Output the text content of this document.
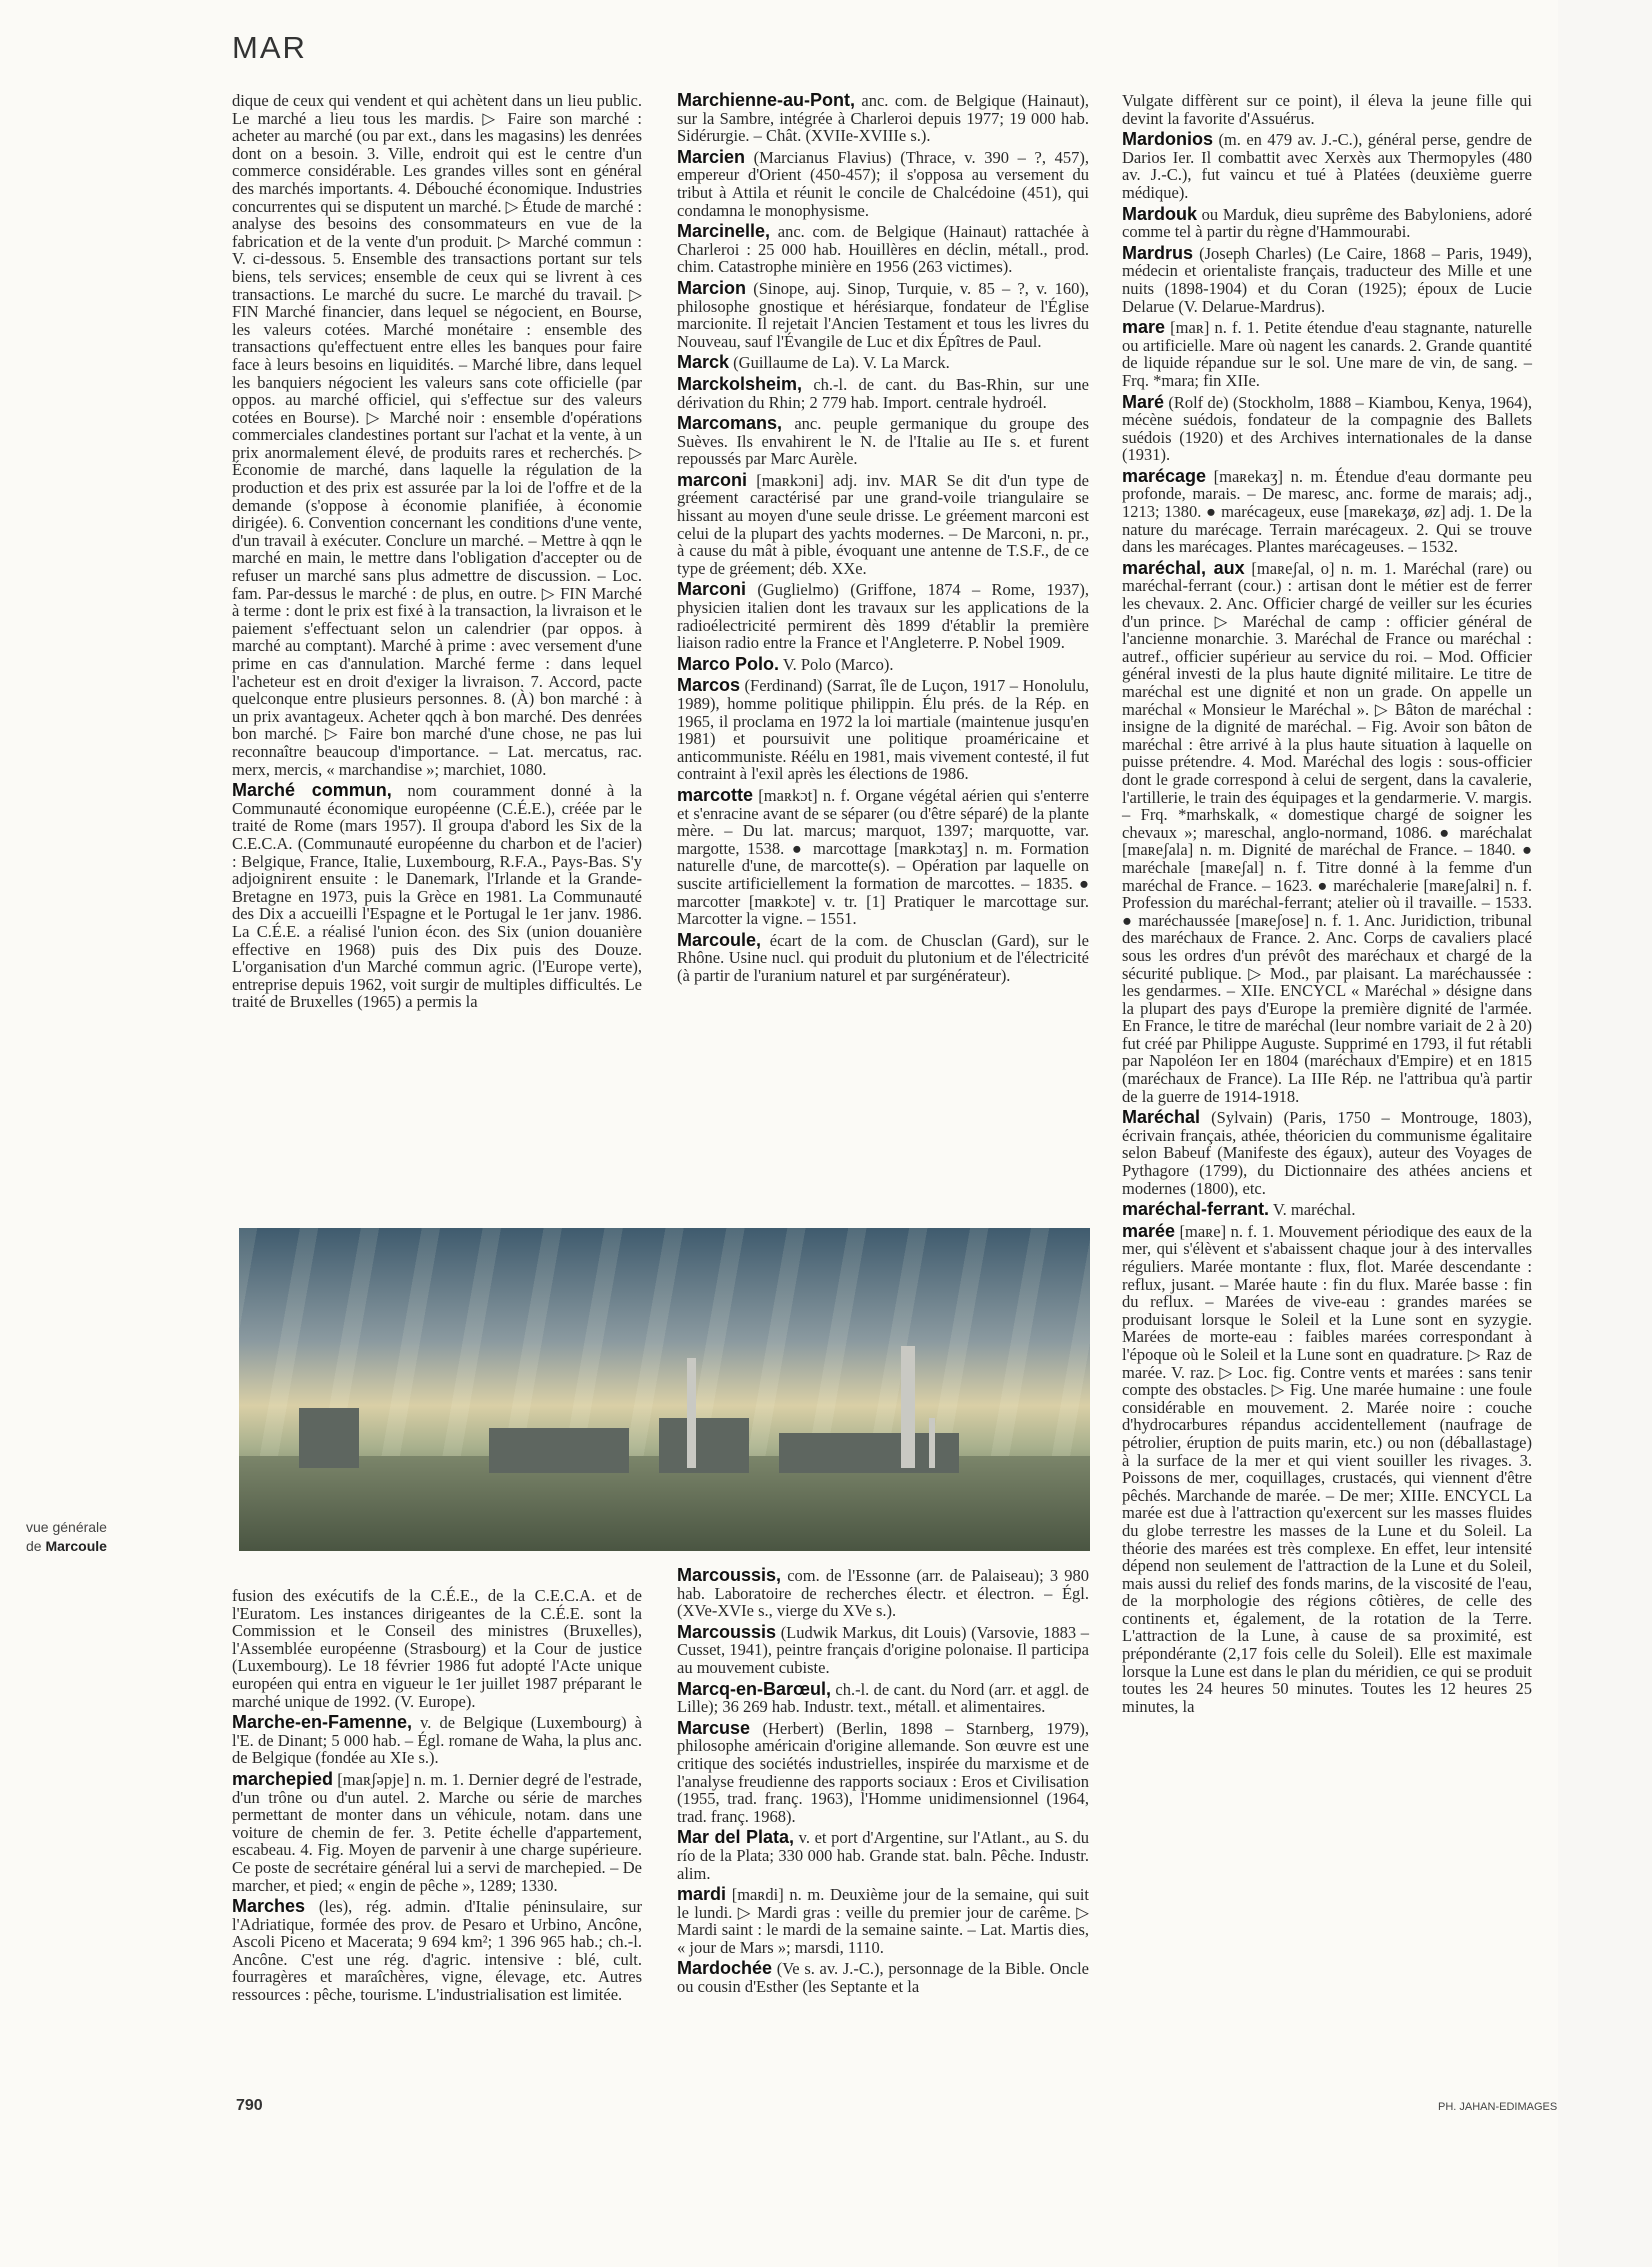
MAR

dique de ceux qui vendent et qui achètent dans un lieu public. Le marché a lieu tous les mardis. ▷ Faire son marché : acheter au marché (ou par ext., dans les magasins) les denrées dont on a besoin. 3. Ville, endroit qui est le centre d'un commerce considérable. Les grandes villes sont en général des marchés importants. 4. Débouché économique. Industries concurrentes qui se disputent un marché. ▷ Étude de marché : analyse des besoins des consommateurs en vue de la fabrication et de la vente d'un produit. ▷ Marché commun : V. ci-dessous. 5. Ensemble des transactions portant sur tels biens, tels services; ensemble de ceux qui se livrent à ces transactions. Le marché du sucre. Le marché du travail. ▷ FIN Marché financier, dans lequel se négocient, en Bourse, les valeurs cotées. Marché monétaire : ensemble des transactions qu'effectuent entre elles les banques pour faire face à leurs besoins en liquidités. – Marché libre, dans lequel les banquiers négocient les valeurs sans cote officielle (par oppos. au marché officiel, qui s'effectue sur des valeurs cotées en Bourse). ▷ Marché noir : ensemble d'opérations commerciales clandestines portant sur l'achat et la vente, à un prix anormalement élevé, de produits rares et recherchés. ▷ Économie de marché, dans laquelle la régulation de la production et des prix est assurée par la loi de l'offre et de la demande (s'oppose à économie planifiée, à économie dirigée). 6. Convention concernant les conditions d'une vente, d'un travail à exécuter. Conclure un marché. – Mettre à qqn le marché en main, le mettre dans l'obligation d'accepter ou de refuser un marché sans plus admettre de discussion. – Loc. fam. Par-dessus le marché : de plus, en outre. ▷ FIN Marché à terme : dont le prix est fixé à la transaction, la livraison et le paiement s'effectuant selon un calendrier (par oppos. à marché au comptant). Marché à prime : avec versement d'une prime en cas d'annulation. Marché ferme : dans lequel l'acheteur est en droit d'exiger la livraison. 7. Accord, pacte quelconque entre plusieurs personnes. 8. (À) bon marché : à un prix avantageux. Acheter qqch à bon marché. Des denrées bon marché. ▷ Faire bon marché d'une chose, ne pas lui reconnaître beaucoup d'importance. – Lat. mercatus, rac. merx, mercis, « marchandise »; marchiet, 1080.

Marché commun, nom couramment donné à la Communauté économique européenne (C.É.E.), créée par le traité de Rome (mars 1957). Il groupa d'abord les Six de la C.E.C.A. (Communauté européenne du charbon et de l'acier) : Belgique, France, Italie, Luxembourg, R.F.A., Pays-Bas. S'y adjoignirent ensuite : le Danemark, l'Irlande et la Grande-Bretagne en 1973, puis la Grèce en 1981. La Communauté des Dix a accueilli l'Espagne et le Portugal le 1er janv. 1986. La C.É.E. a réalisé l'union écon. des Six (union douanière effective en 1968) puis des Dix puis des Douze. L'organisation d'un Marché commun agric. (l'Europe verte), entreprise depuis 1962, voit surgir de multiples difficultés. Le traité de Bruxelles (1965) a permis la

Marchienne-au-Pont, anc. com. de Belgique (Hainaut), sur la Sambre, intégrée à Charleroi depuis 1977; 19 000 hab. Sidérurgie. – Chât. (XVIIe-XVIIIe s.).

Marcien (Marcianus Flavius) (Thrace, v. 390 – ?, 457), empereur d'Orient (450-457); il s'opposa au versement du tribut à Attila et réunit le concile de Chalcédoine (451), qui condamna le monophysisme.

Marcinelle, anc. com. de Belgique (Hainaut) rattachée à Charleroi : 25 000 hab. Houillères en déclin, métall., prod. chim. Catastrophe minière en 1956 (263 victimes).

Marcion (Sinope, auj. Sinop, Turquie, v. 85 – ?, v. 160), philosophe gnostique et hérésiarque, fondateur de l'Église marcionite. Il rejetait l'Ancien Testament et tous les livres du Nouveau, sauf l'Évangile de Luc et dix Épîtres de Paul.

Marck (Guillaume de La). V. La Marck.

Marckolsheim, ch.-l. de cant. du Bas-Rhin, sur une dérivation du Rhin; 2 779 hab. Import. centrale hydroél.

Marcomans, anc. peuple germanique du groupe des Suèves. Ils envahirent le N. de l'Italie au IIe s. et furent repoussés par Marc Aurèle.

marconi [maʀkɔni] adj. inv. MAR Se dit d'un type de gréement caractérisé par une grand-voile triangulaire se hissant au moyen d'une seule drisse. Le gréement marconi est celui de la plupart des yachts modernes. – De Marconi, n. pr., à cause du mât à pible, évoquant une antenne de T.S.F., de ce type de gréement; déb. XXe.

Marconi (Guglielmo) (Griffone, 1874 – Rome, 1937), physicien italien dont les travaux sur les applications de la radioélectricité permirent dès 1899 d'établir la première liaison radio entre la France et l'Angleterre. P. Nobel 1909.

Marco Polo. V. Polo (Marco).

Marcos (Ferdinand) (Sarrat, île de Luçon, 1917 – Honolulu, 1989), homme politique philippin. Élu prés. de la Rép. en 1965, il proclama en 1972 la loi martiale (maintenue jusqu'en 1981) et poursuivit une politique proaméricaine et anticommuniste. Réélu en 1981, mais vivement contesté, il fut contraint à l'exil après les élections de 1986.

marcotte [maʀkɔt] n. f. Organe végétal aérien qui s'enterre et s'enracine avant de se séparer (ou d'être séparé) de la plante mère. – Du lat. marcus; marquot, 1397; marquotte, var. margotte, 1538. ● marcottage [maʀkɔtaʒ] n. m. Formation naturelle d'une, de marcotte(s). – Opération par laquelle on suscite artificiellement la formation de marcottes. – 1835. ● marcotter [maʀkɔte] v. tr. [1] Pratiquer le marcottage sur. Marcotter la vigne. – 1551.

Marcoule, écart de la com. de Chusclan (Gard), sur le Rhône. Usine nucl. qui produit du plutonium et de l'électricité (à partir de l'uranium naturel et par surgénérateur).

Vulgate diffèrent sur ce point), il éleva la jeune fille qui devint la favorite d'Assuérus.

Mardonios (m. en 479 av. J.-C.), général perse, gendre de Darios Ier. Il combattit avec Xerxès aux Thermopyles (480 av. J.-C.), fut vaincu et tué à Platées (deuxième guerre médique).

Mardouk ou Marduk, dieu suprême des Babyloniens, adoré comme tel à partir du règne d'Hammourabi.

Mardrus (Joseph Charles) (Le Caire, 1868 – Paris, 1949), médecin et orientaliste français, traducteur des Mille et une nuits (1898-1904) et du Coran (1925); époux de Lucie Delarue (V. Delarue-Mardrus).

mare [maʀ] n. f. 1. Petite étendue d'eau stagnante, naturelle ou artificielle. Mare où nagent les canards. 2. Grande quantité de liquide répandue sur le sol. Une mare de vin, de sang. – Frq. *mara; fin XIIe.

Maré (Rolf de) (Stockholm, 1888 – Kiambou, Kenya, 1964), mécène suédois, fondateur de la compagnie des Ballets suédois (1920) et des Archives internationales de la danse (1931).

marécage [maʀekaʒ] n. m. Étendue d'eau dormante peu profonde, marais. – De maresc, anc. forme de marais; adj., 1213; 1380. ● marécageux, euse [maʀekaʒø, øz] adj. 1. De la nature du marécage. Terrain marécageux. 2. Qui se trouve dans les marécages. Plantes marécageuses. – 1532.

maréchal, aux [maʀeʃal, o] n. m. 1. Maréchal (rare) ou maréchal-ferrant (cour.) : artisan dont le métier est de ferrer les chevaux. 2. Anc. Officier chargé de veiller sur les écuries d'un prince. ▷ Maréchal de camp : officier général de l'ancienne monarchie. 3. Maréchal de France ou maréchal : autref., officier supérieur au service du roi. – Mod. Officier général investi de la plus haute dignité militaire. Le titre de maréchal est une dignité et non un grade. On appelle un maréchal « Monsieur le Maréchal ». ▷ Bâton de maréchal : insigne de la dignité de maréchal. – Fig. Avoir son bâton de maréchal : être arrivé à la plus haute situation à laquelle on puisse prétendre. 4. Mod. Maréchal des logis : sous-officier dont le grade correspond à celui de sergent, dans la cavalerie, l'artillerie, le train des équipages et la gendarmerie. V. margis. – Frq. *marhskalk, « domestique chargé de soigner les chevaux »; mareschal, anglo-normand, 1086. ● maréchalat [maʀeʃala] n. m. Dignité de maréchal de France. – 1840. ● maréchale [maʀeʃal] n. f. Titre donné à la femme d'un maréchal de France. – 1623. ● maréchalerie [maʀeʃalʀi] n. f. Profession du maréchal-ferrant; atelier où il travaille. – 1533. ● maréchaussée [maʀeʃose] n. f. 1. Anc. Juridiction, tribunal des maréchaux de France. 2. Anc. Corps de cavaliers placé sous les ordres d'un prévôt des maréchaux et chargé de la sécurité publique. ▷ Mod., par plaisant. La maréchaussée : les gendarmes. – XIIe. ENCYCL « Maréchal » désigne dans la plupart des pays d'Europe la première dignité de l'armée. En France, le titre de maréchal (leur nombre variait de 2 à 20) fut créé par Philippe Auguste. Supprimé en 1793, il fut rétabli par Napoléon Ier en 1804 (maréchaux d'Empire) et en 1815 (maréchaux de France). La IIIe Rép. ne l'attribua qu'à partir de la guerre de 1914-1918.

Maréchal (Sylvain) (Paris, 1750 – Montrouge, 1803), écrivain français, athée, théoricien du communisme égalitaire selon Babeuf (Manifeste des égaux), auteur des Voyages de Pythagore (1799), du Dictionnaire des athées anciens et modernes (1800), etc.

maréchal-ferrant. V. maréchal.

marée [maʀe] n. f. 1. Mouvement périodique des eaux de la mer, qui s'élèvent et s'abaissent chaque jour à des intervalles réguliers. Marée montante : flux, flot. Marée descendante : reflux, jusant. – Marée haute : fin du flux. Marée basse : fin du reflux. – Marées de vive-eau : grandes marées se produisant lorsque le Soleil et la Lune sont en syzygie. Marées de morte-eau : faibles marées correspondant à l'époque où le Soleil et la Lune sont en quadrature. ▷ Raz de marée. V. raz. ▷ Loc. fig. Contre vents et marées : sans tenir compte des obstacles. ▷ Fig. Une marée humaine : une foule considérable en mouvement. 2. Marée noire : couche d'hydrocarbures répandus accidentellement (naufrage de pétrolier, éruption de puits marin, etc.) ou non (déballastage) à la surface de la mer et qui vient souiller les rivages. 3. Poissons de mer, coquillages, crustacés, qui viennent d'être pêchés. Marchande de marée. – De mer; XIIIe. ENCYCL La marée est due à l'attraction qu'exercent sur les masses fluides du globe terrestre les masses de la Lune et du Soleil. La théorie des marées est très complexe. En effet, leur intensité dépend non seulement de l'attraction de la Lune et du Soleil, mais aussi du relief des fonds marins, de la viscosité de l'eau, de la morphologie des régions côtières, de celle des continents et, également, de la rotation de la Terre. L'attraction de la Lune, à cause de sa proximité, est prépondérante (2,17 fois celle du Soleil). Elle est maximale lorsque la Lune est dans le plan du méridien, ce qui se produit toutes les 24 heures 50 minutes. Toutes les 12 heures 25 minutes, la

vue générale
de Marcoule

fusion des exécutifs de la C.É.E., de la C.E.C.A. et de l'Euratom. Les instances dirigeantes de la C.É.E. sont la Commission et le Conseil des ministres (Bruxelles), l'Assemblée européenne (Strasbourg) et la Cour de justice (Luxembourg). Le 18 février 1986 fut adopté l'Acte unique européen qui entra en vigueur le 1er juillet 1987 préparant le marché unique de 1992. (V. Europe).

Marche-en-Famenne, v. de Belgique (Luxembourg) à l'E. de Dinant; 5 000 hab. – Égl. romane de Waha, la plus anc. de Belgique (fondée au XIe s.).

marchepied [maʀʃəpje] n. m. 1. Dernier degré de l'estrade, d'un trône ou d'un autel. 2. Marche ou série de marches permettant de monter dans un véhicule, notam. dans une voiture de chemin de fer. 3. Petite échelle d'appartement, escabeau. 4. Fig. Moyen de parvenir à une charge supérieure. Ce poste de secrétaire général lui a servi de marchepied. – De marcher, et pied; « engin de pêche », 1289; 1330.

Marches (les), rég. admin. d'Italie péninsulaire, sur l'Adriatique, formée des prov. de Pesaro et Urbino, Ancône, Ascoli Piceno et Macerata; 9 694 km²; 1 396 965 hab.; ch.-l. Ancône. C'est une rég. d'agric. intensive : blé, cult. fourragères et maraîchères, vigne, élevage, etc. Autres ressources : pêche, tourisme. L'industrialisation est limitée.

Marcoussis, com. de l'Essonne (arr. de Palaiseau); 3 980 hab. Laboratoire de recherches électr. et électron. – Égl. (XVe-XVIe s., vierge du XVe s.).

Marcoussis (Ludwik Markus, dit Louis) (Varsovie, 1883 – Cusset, 1941), peintre français d'origine polonaise. Il participa au mouvement cubiste.

Marcq-en-Barœul, ch.-l. de cant. du Nord (arr. et aggl. de Lille); 36 269 hab. Industr. text., métall. et alimentaires.

Marcuse (Herbert) (Berlin, 1898 – Starnberg, 1979), philosophe américain d'origine allemande. Son œuvre est une critique des sociétés industrielles, inspirée du marxisme et de l'analyse freudienne des rapports sociaux : Eros et Civilisation (1955, trad. franç. 1963), l'Homme unidimensionnel (1964, trad. franç. 1968).

Mar del Plata, v. et port d'Argentine, sur l'Atlant., au S. du río de la Plata; 330 000 hab. Grande stat. baln. Pêche. Industr. alim.

mardi [maʀdi] n. m. Deuxième jour de la semaine, qui suit le lundi. ▷ Mardi gras : veille du premier jour de carême. ▷ Mardi saint : le mardi de la semaine sainte. – Lat. Martis dies, « jour de Mars »; marsdi, 1110.

Mardochée (Ve s. av. J.-C.), personnage de la Bible. Oncle ou cousin d'Esther (les Septante et la

790	PH. JAHAN-EDIMAGES
